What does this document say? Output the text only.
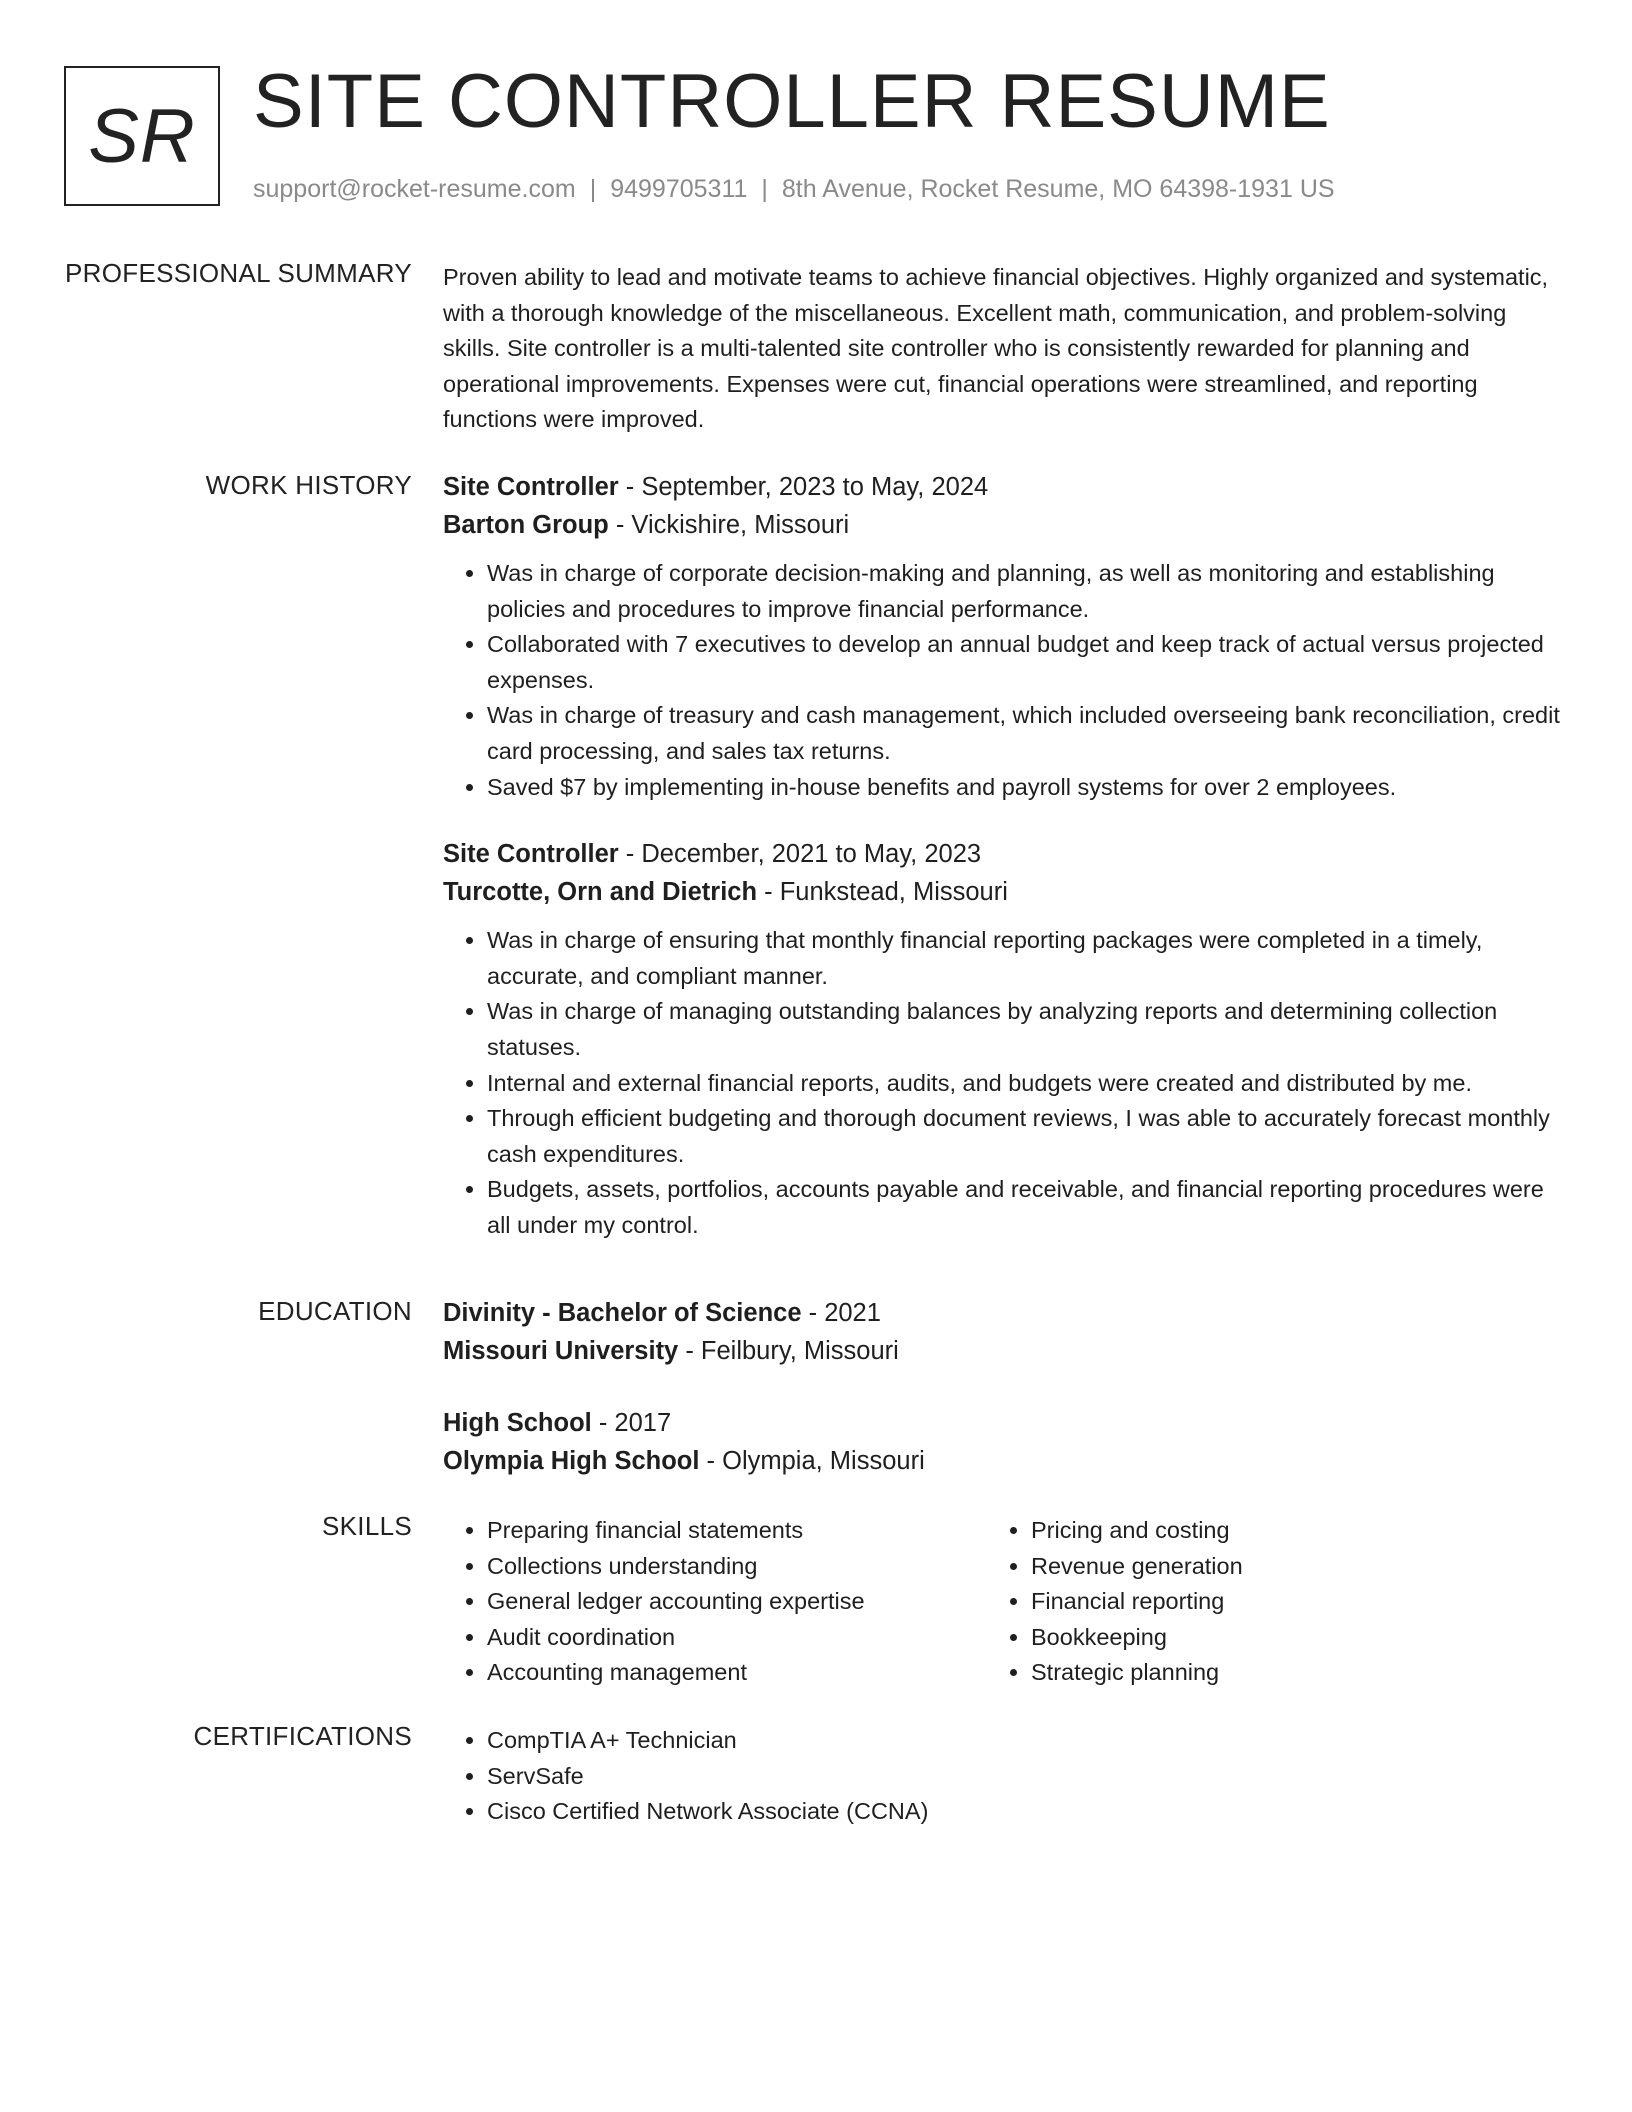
SR SITE CONTROLLER RESUME
support@rocket-resume.com | 9499705311 | 8th Avenue, Rocket Resume, MO 64398-1931 US
PROFESSIONAL SUMMARY Proven ability to lead and motivate teams to achieve financial objectives. Highly organized and systematic, with a thorough knowledge of the miscellaneous. Excellent math, communication, and problem-solving skills. Site controller is a multi-talented site controller who is consistently rewarded for planning and operational improvements. Expenses were cut, financial operations were streamlined, and reporting functions were improved.
WORK HISTORY Site Controller - September, 2023 to May, 2024
Barton Group - Vickishire, Missouri
• Was in charge of corporate decision-making and planning, as well as monitoring and establishing policies and procedures to improve financial performance.
• Collaborated with 7 executives to develop an annual budget and keep track of actual versus projected expenses.
• Was in charge of treasury and cash management, which included overseeing bank reconciliation, credit card processing, and sales tax returns.
• Saved $7 by implementing in-house benefits and payroll systems for over 2 employees.
Site Controller - December, 2021 to May, 2023
Turcotte, Orn and Dietrich - Funkstead, Missouri
• Was in charge of ensuring that monthly financial reporting packages were completed in a timely, accurate, and compliant manner.
• Was in charge of managing outstanding balances by analyzing reports and determining collection statuses.
• Internal and external financial reports, audits, and budgets were created and distributed by me.
• Through efficient budgeting and thorough document reviews, I was able to accurately forecast monthly cash expenditures.
• Budgets, assets, portfolios, accounts payable and receivable, and financial reporting procedures were all under my control.
EDUCATION Divinity - Bachelor of Science - 2021
Missouri University - Feilbury, Missouri
High School - 2017
Olympia High School - Olympia, Missouri
SKILLS	• Preparing financial statements
• Collections understanding
• General ledger accounting expertise
• Audit coordination
• Accounting management
• Pricing and costing
• Revenue generation
• Financial reporting
• Bookkeeping
• Strategic planning
CERTIFICATIONS	• CompTIA A+ Technician
• ServSafe
• Cisco Certified Network Associate (CCNA)
